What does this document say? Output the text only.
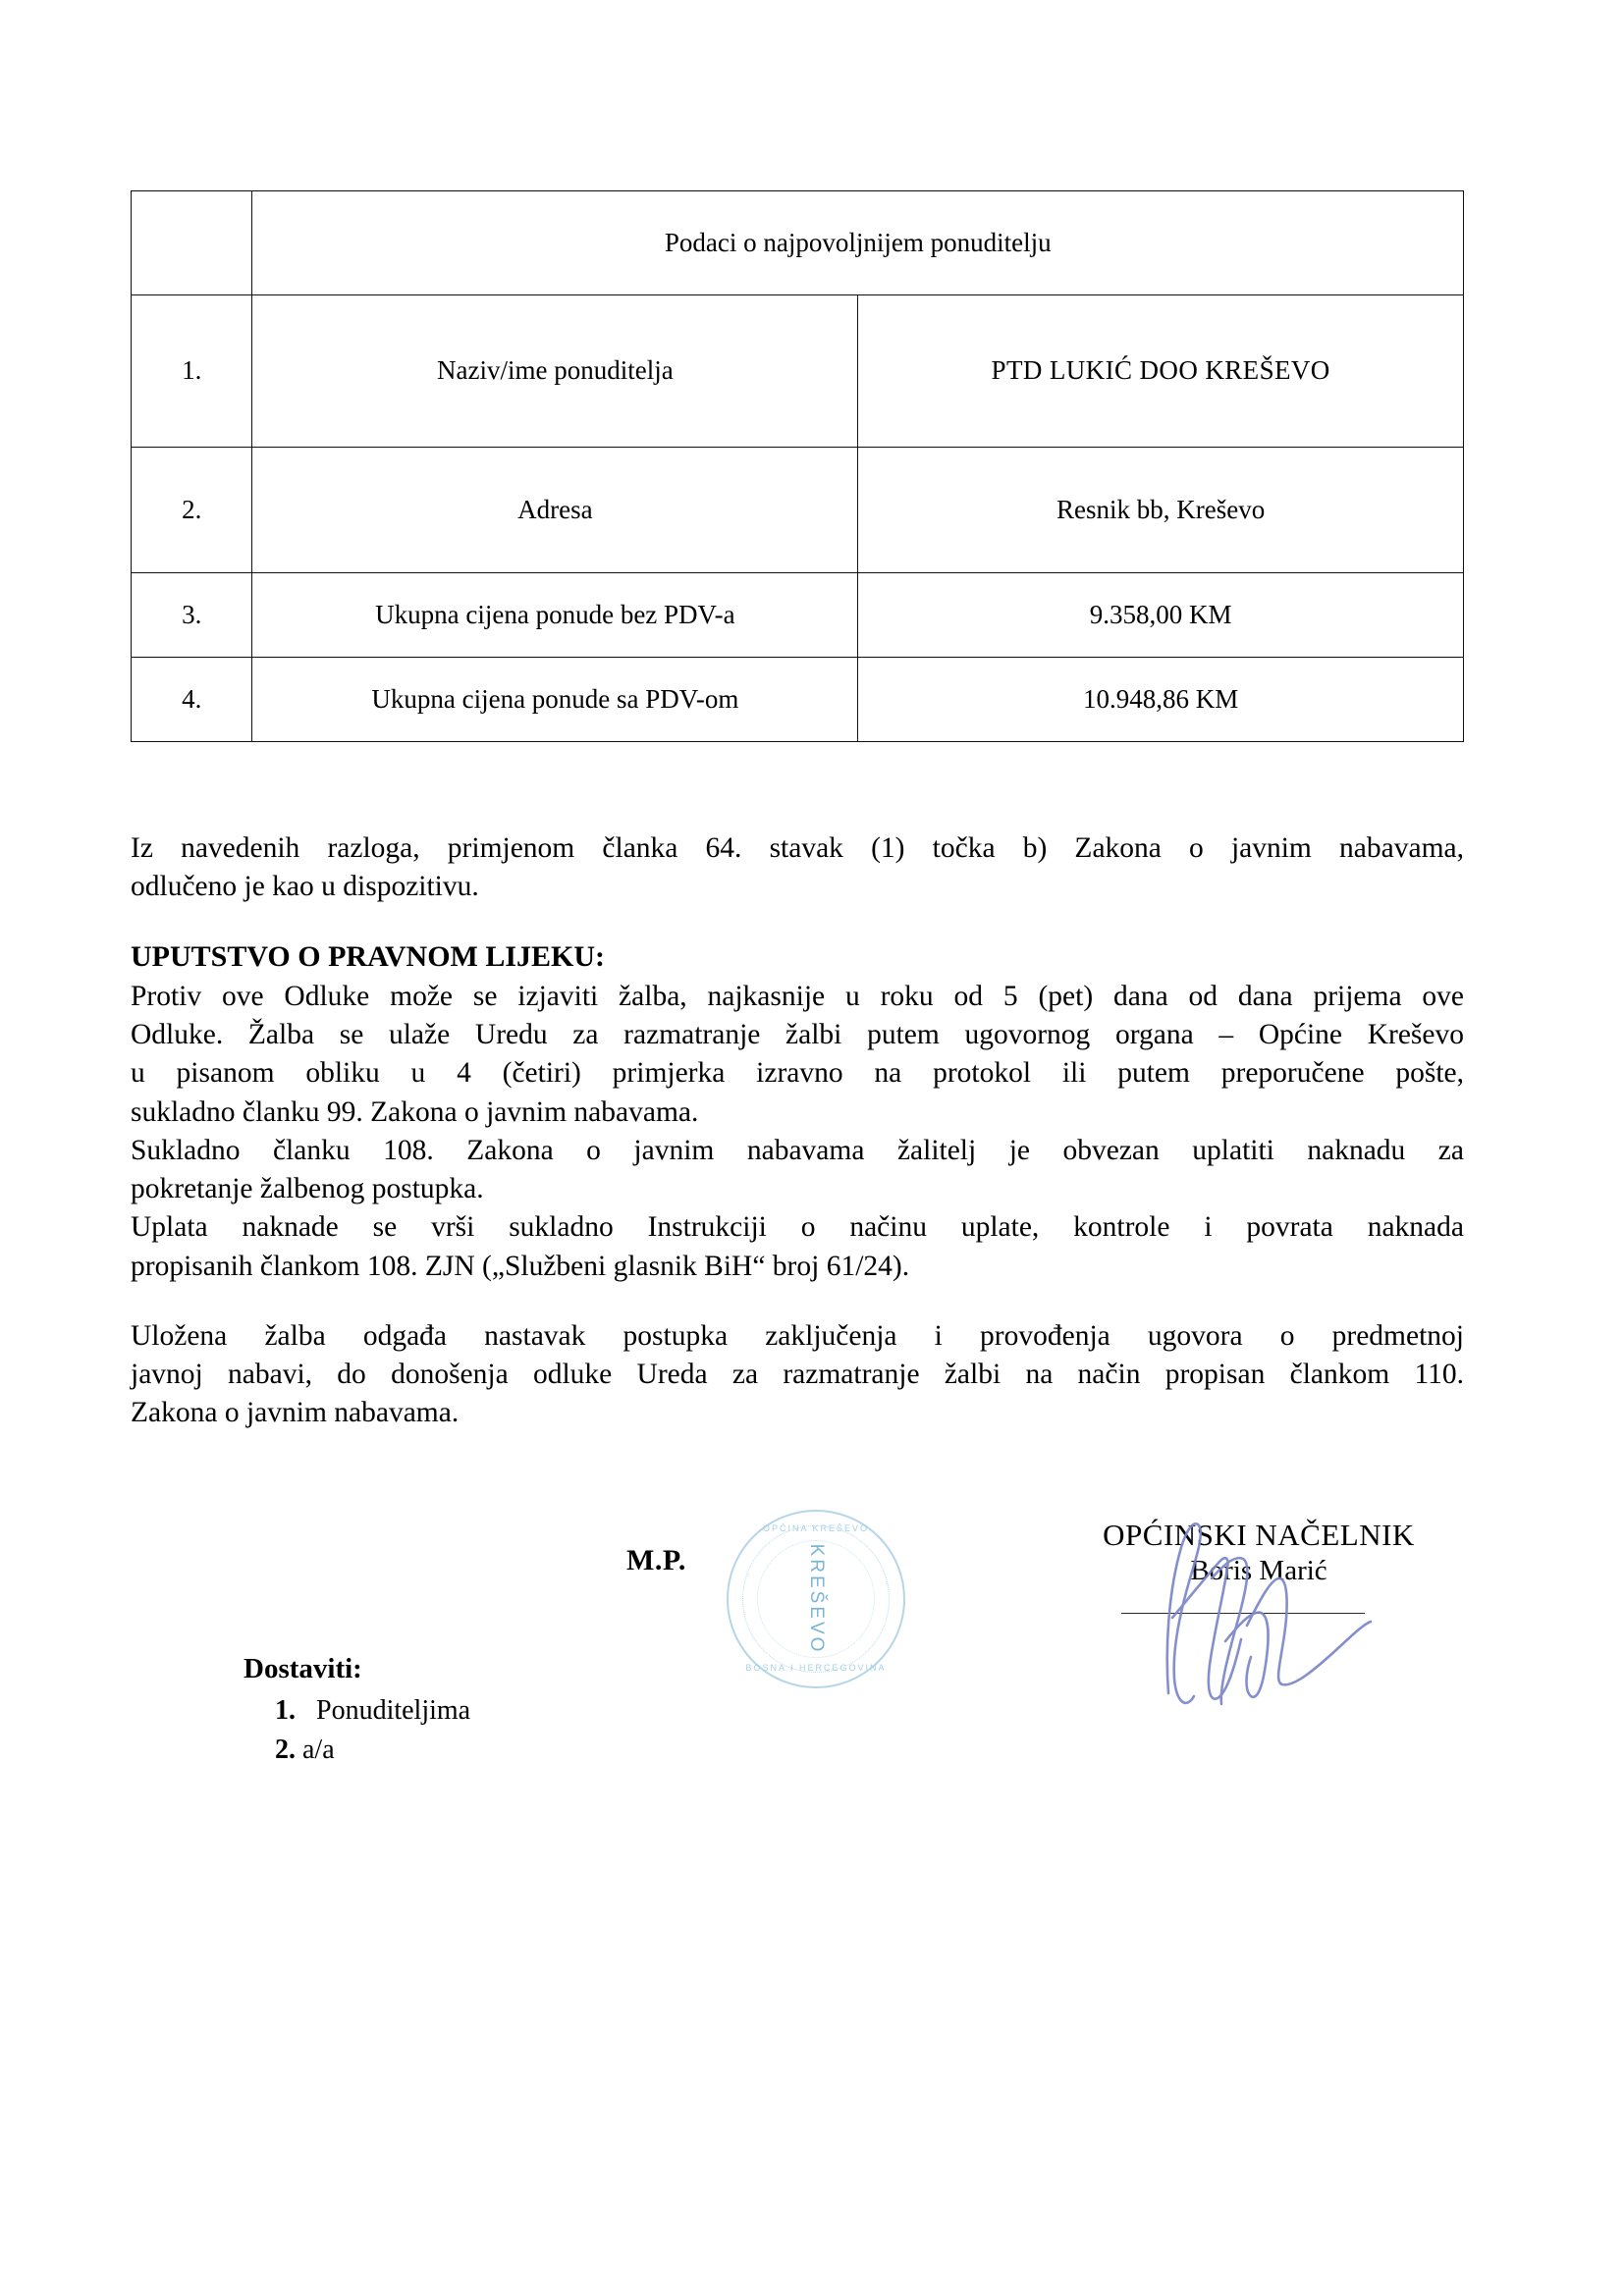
	Podaci o najpovoljnijem ponuditelju	
1.	Naziv/ime ponuditelja	PTD LUKIĆ DOO KREŠEVO
2.	Adresa	Resnik bb, Kreševo
3.	Ukupna cijena ponude bez PDV-a	9.358,00 KM
4.	Ukupna cijena ponude sa PDV-om	10.948,86 KM
Iz navedenih razloga, primjenom članka 64. stavak (1) točka b) Zakona o javnim nabavama,
odlučeno je kao u dispozitivu.
UPUTSTVO O PRAVNOM LIJEKU:
Protiv ove Odluke može se izjaviti žalba, najkasnije u roku od 5 (pet) dana od dana prijema ove
Odluke. Žalba se ulaže Uredu za razmatranje žalbi putem ugovornog organa – Općine Kreševo
u pisanom obliku u 4 (četiri) primjerka izravno na protokol ili putem preporučene pošte,
sukladno članku 99. Zakona o javnim nabavama.
Sukladno članku 108. Zakona o javnim nabavama žalitelj je obvezan uplatiti naknadu za
pokretanje žalbenog postupka.
Uplata naknade se vrši sukladno Instrukciji o načinu uplate, kontrole i povrata naknada
propisanih člankom 108. ZJN („Službeni glasnik BiH“ broj 61/24).
Uložena žalba odgađa nastavak postupka zaključenja i provođenja ugovora o predmetnoj
javnoj nabavi, do donošenja odluke Ureda za razmatranje žalbi na način propisan člankom 110.
Zakona o javnim nabavama.
M.P.
OPĆINA KREŠEVO
KREŠEVO
BOSNA I HERCEGOVINA
OPĆINSKI NAČELNIK
Boris Marić
Dostaviti:
1. Ponuditeljima
2. a/a
